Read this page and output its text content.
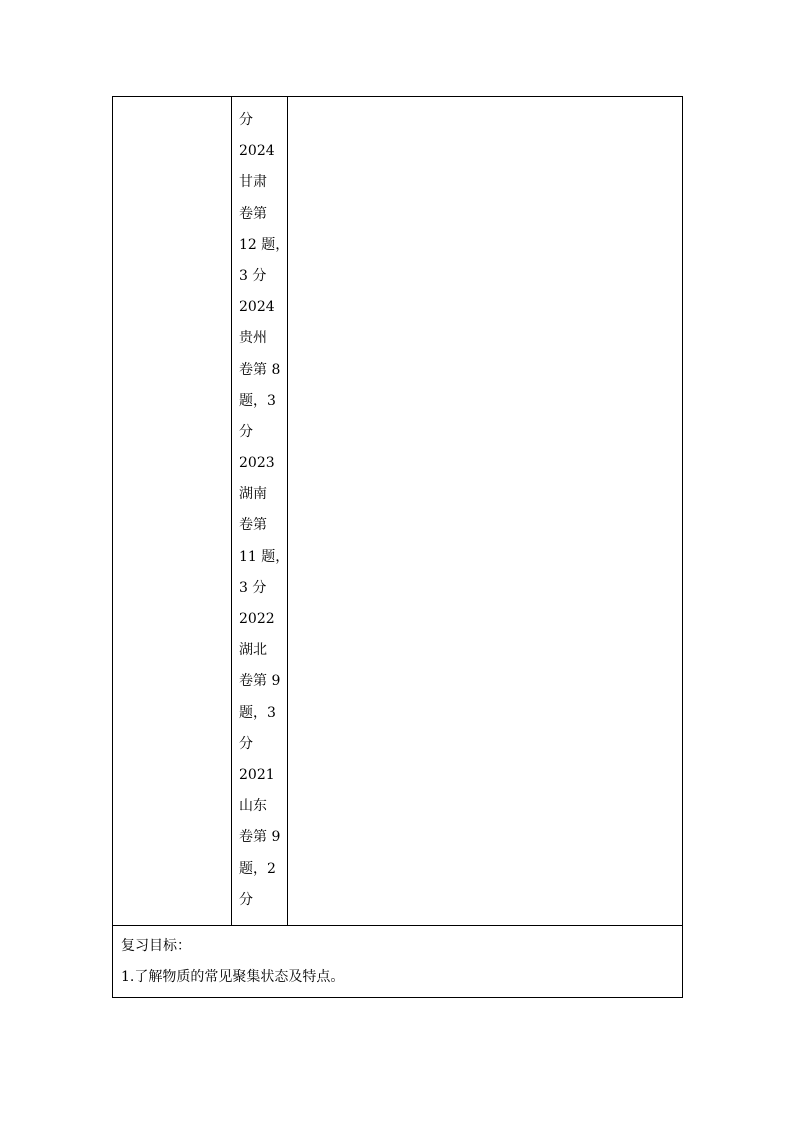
分
2024
甘肃
卷第
12 题，
3 分
2024
贵州
卷第 8
题，3
分
2023
湖南
卷第
11 题，
3 分
2022
湖北
卷第 9
题，3
分
2021
山东
卷第 9
题，2
分
复习目标：
1.了解物质的常见聚集状态及特点。
